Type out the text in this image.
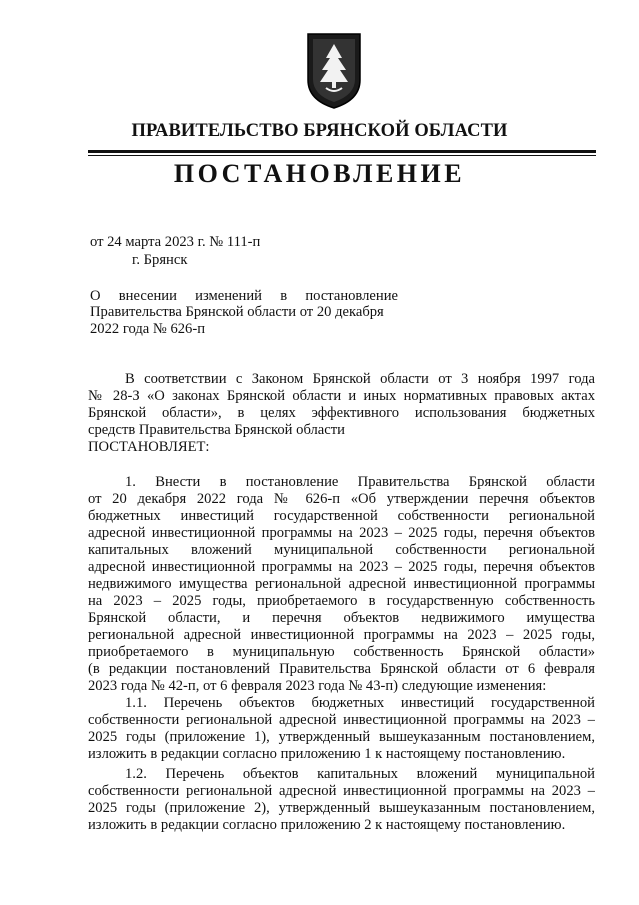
ПРАВИТЕЛЬСТВО БРЯНСКОЙ ОБЛАСТИ
ПОСТАНОВЛЕНИЕ
от 24 марта 2023 г. № 111-п
г. Брянск
О внесении изменений в постановление
Правительства Брянской области от 20 декабря
2022 года № 626-п
В соответствии с Законом Брянской области от 3 ноября 1997 года
№ 28-З «О законах Брянской области и иных нормативных правовых актах
Брянской области», в целях эффективного использования бюджетных
средств Правительства Брянской области
ПОСТАНОВЛЯЕТ:
1. Внести в постановление Правительства Брянской области
от 20 декабря 2022 года № 626-п «Об утверждении перечня объектов
бюджетных инвестиций государственной собственности региональной
адресной инвестиционной программы на 2023 – 2025 годы, перечня объектов
капитальных вложений муниципальной собственности региональной
адресной инвестиционной программы на 2023 – 2025 годы, перечня объектов
недвижимого имущества региональной адресной инвестиционной программы
на 2023 – 2025 годы, приобретаемого в государственную собственность
Брянской области, и перечня объектов недвижимого имущества
региональной адресной инвестиционной программы на 2023 – 2025 годы,
приобретаемого в муниципальную собственность Брянской области»
(в редакции постановлений Правительства Брянской области от 6 февраля
2023 года № 42-п, от 6 февраля 2023 года № 43-п) следующие изменения:
1.1. Перечень объектов бюджетных инвестиций государственной
собственности региональной адресной инвестиционной программы на 2023 –
2025 годы (приложение 1), утвержденный вышеуказанным постановлением,
изложить в редакции согласно приложению 1 к настоящему постановлению.
1.2. Перечень объектов капитальных вложений муниципальной
собственности региональной адресной инвестиционной программы на 2023 –
2025 годы (приложение 2), утвержденный вышеуказанным постановлением,
изложить в редакции согласно приложению 2 к настоящему постановлению.
